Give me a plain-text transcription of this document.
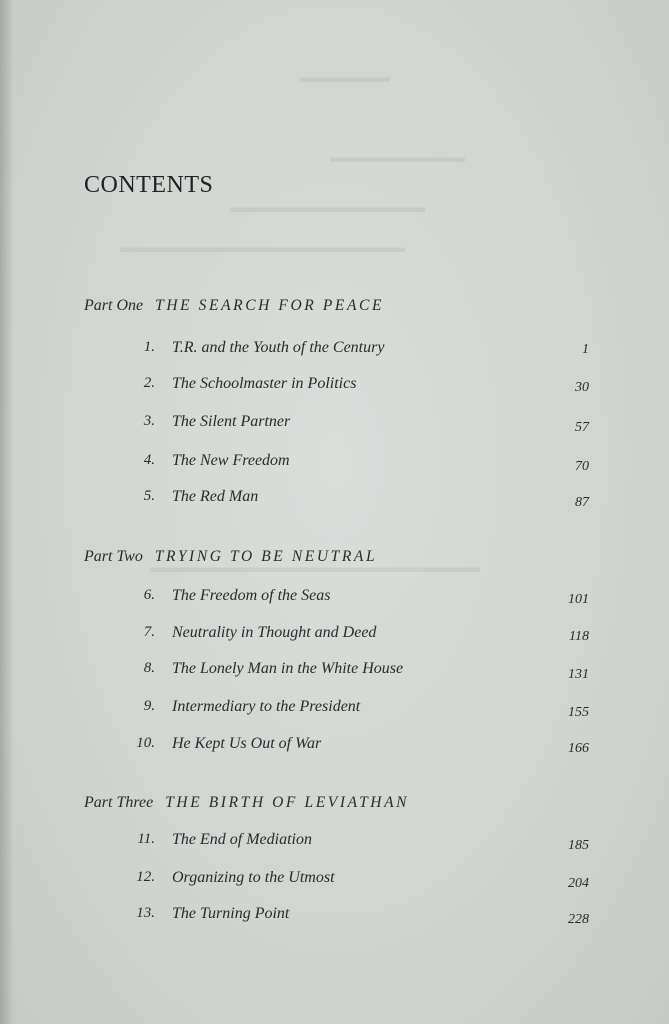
▬▬▬▬▬▬
▬▬▬▬▬▬▬▬▬
▬▬▬▬▬▬▬▬▬▬▬▬▬
▬▬▬▬▬▬▬▬▬▬▬▬▬▬▬▬▬▬▬
▬▬▬▬▬▬▬▬▬▬▬▬▬▬▬▬▬▬▬▬▬▬
CONTENTS
Part One THE SEARCH FOR PEACE
1. T.R. and the Youth of the Century	1
2. The Schoolmaster in Politics	30
3. The Silent Partner	57
4. The New Freedom	70
5. The Red Man	87
Part Two TRYING TO BE NEUTRAL
6. The Freedom of the Seas	101
7. Neutrality in Thought and Deed	118
8. The Lonely Man in the White House	131
9. Intermediary to the President	155
10. He Kept Us Out of War	166
Part Three THE BIRTH OF LEVIATHAN
11. The End of Mediation	185
12. Organizing to the Utmost	204
13. The Turning Point	228
